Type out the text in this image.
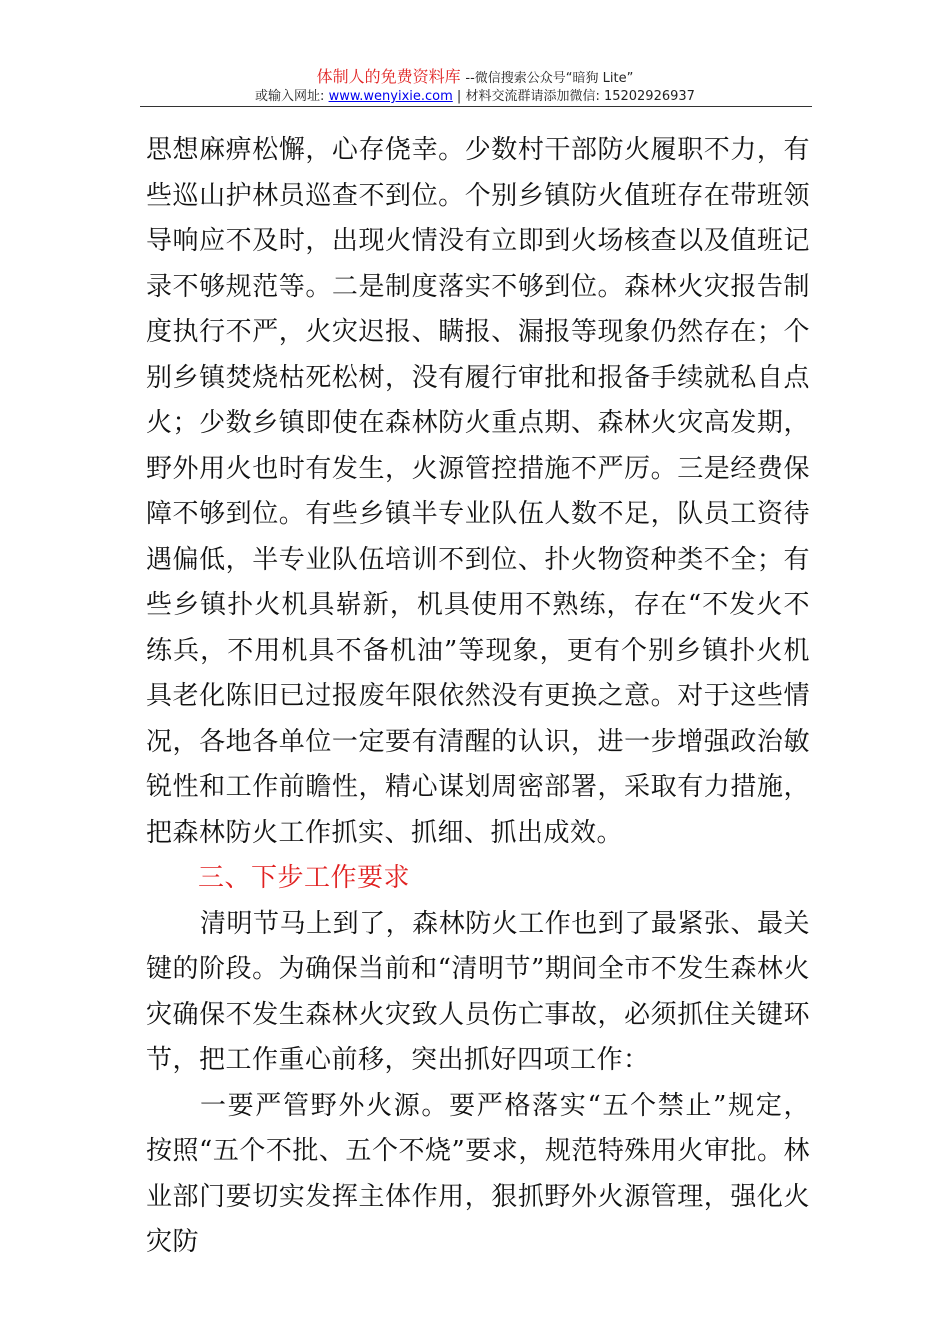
体制人的免费资料库 --微信搜索公众号“暗狗 Lite”
或输入网址: www.wenyixie.com | 材料交流群请添加微信: 15202926937

思想麻痹松懈，心存侥幸。少数村干部防火履职不力，有些巡山护林员巡查不到位。个别乡镇防火值班存在带班领导响应不及时，出现火情没有立即到火场核查以及值班记录不够规范等。二是制度落实不够到位。森林火灾报告制度执行不严，火灾迟报、瞒报、漏报等现象仍然存在；个别乡镇焚烧枯死松树，没有履行审批和报备手续就私自点火；少数乡镇即使在森林防火重点期、森林火灾高发期，野外用火也时有发生，火源管控措施不严厉。三是经费保障不够到位。有些乡镇半专业队伍人数不足，队员工资待遇偏低，半专业队伍培训不到位、扑火物资种类不全；有些乡镇扑火机具崭新，机具使用不熟练，存在“不发火不练兵，不用机具不备机油”等现象，更有个别乡镇扑火机具老化陈旧已过报废年限依然没有更换之意。对于这些情况，各地各单位一定要有清醒的认识，进一步增强政治敏锐性和工作前瞻性，精心谋划周密部署，采取有力措施，把森林防火工作抓实、抓细、抓出成效。

三、下步工作要求

清明节马上到了，森林防火工作也到了最紧张、最关键的阶段。为确保当前和“清明节”期间全市不发生森林火灾确保不发生森林火灾致人员伤亡事故，必须抓住关键环节，把工作重心前移，突出抓好四项工作：

一要严管野外火源。要严格落实“五个禁止”规定，按照“五个不批、五个不烧”要求，规范特殊用火审批。林业部门要切实发挥主体作用，狠抓野外火源管理，强化火灾防
